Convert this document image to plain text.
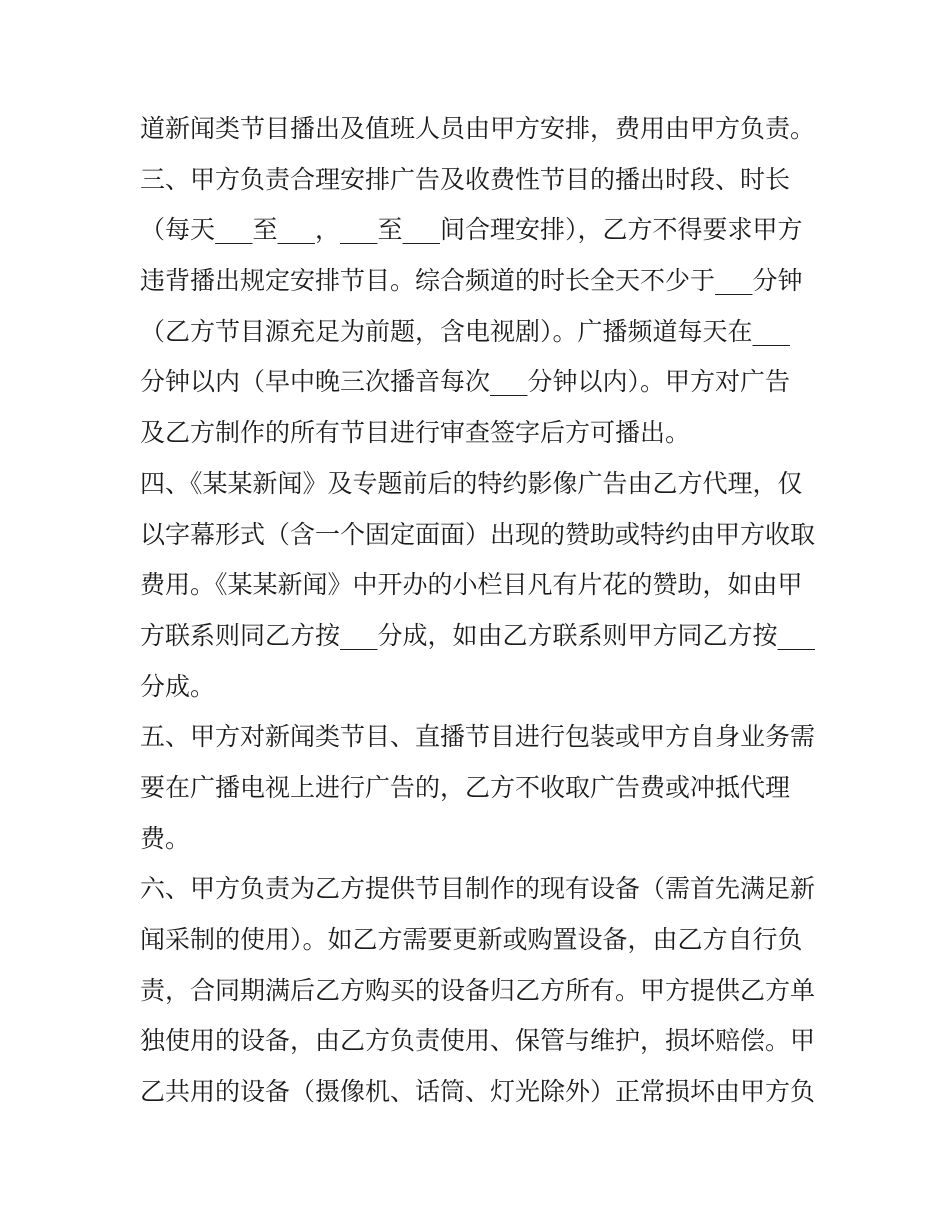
道新闻类节目播出及值班人员由甲方安排，费用由甲方负责。
三、甲方负责合理安排广告及收费性节目的播出时段、时长
（每天___至___，___至___间合理安排），乙方不得要求甲方
违背播出规定安排节目。综合频道的时长全天不少于___分钟
（乙方节目源充足为前题，含电视剧）。广播频道每天在___
分钟以内（早中晚三次播音每次___分钟以内）。甲方对广告
及乙方制作的所有节目进行审查签字后方可播出。
四、《某某新闻》及专题前后的特约影像广告由乙方代理，仅
以字幕形式（含一个固定面面）出现的赞助或特约由甲方收取
费用。《某某新闻》中开办的小栏目凡有片花的赞助，如由甲
方联系则同乙方按___分成，如由乙方联系则甲方同乙方按___
分成。
五、甲方对新闻类节目、直播节目进行包装或甲方自身业务需
要在广播电视上进行广告的，乙方不收取广告费或冲抵代理
费。
六、甲方负责为乙方提供节目制作的现有设备（需首先满足新
闻采制的使用）。如乙方需要更新或购置设备，由乙方自行负
责，合同期满后乙方购买的设备归乙方所有。甲方提供乙方单
独使用的设备，由乙方负责使用、保管与维护，损坏赔偿。甲
乙共用的设备（摄像机、话筒、灯光除外）正常损坏由甲方负
